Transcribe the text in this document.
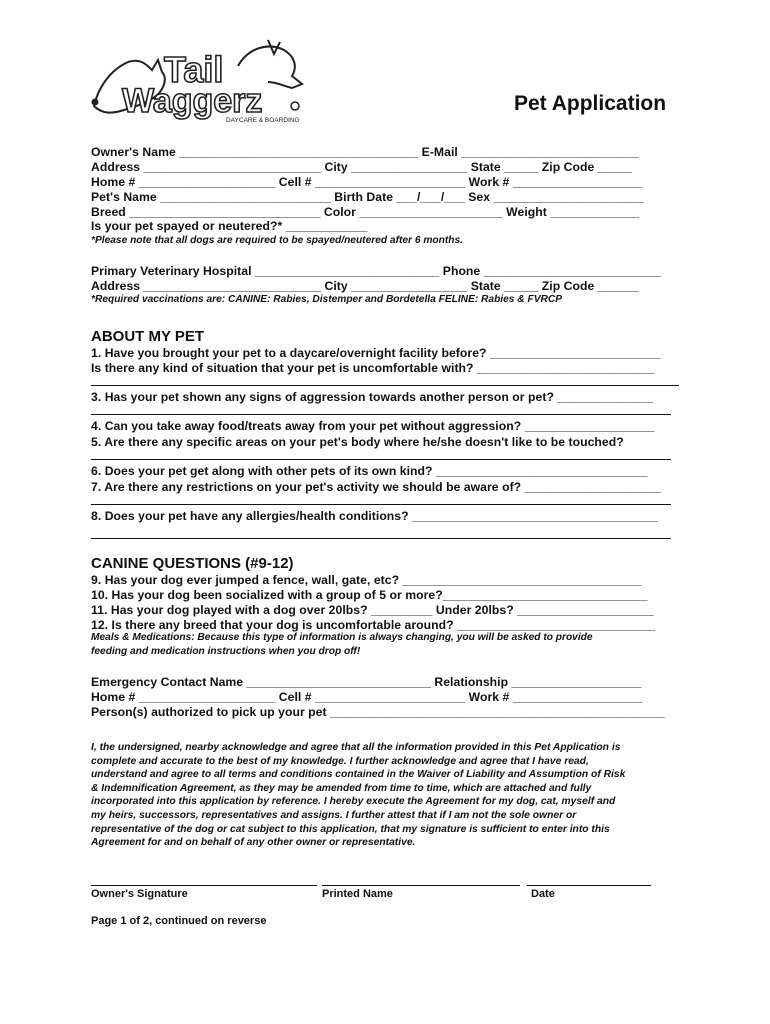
Tail
Waggerz
DAYCARE & BOARDING
Pet Application
Owner's Name ___________________________________ E-Mail __________________________
Address __________________________ City _________________ State _____ Zip Code _____
Home # ____________________ Cell # ______________________ Work # ___________________
Pet's Name _________________________ Birth Date ___/___/___ Sex ______________________
Breed ____________________________ Color _____________________ Weight _____________
Is your pet spayed or neutered?* ____________
*Please note that all dogs are required to be spayed/neutered after 6 months.
Primary Veterinary Hospital ___________________________ Phone __________________________
Address __________________________ City _________________ State _____ Zip Code ______
*Required vaccinations are: CANINE: Rabies, Distemper and Bordetella FELINE: Rabies & FVRCP
ABOUT MY PET
1. Have you brought your pet to a daycare/overnight facility before? _________________________
Is there any kind of situation that your pet is uncomfortable with? __________________________
3. Has your pet shown any signs of aggression towards another person or pet? ______________
4. Can you take away food/treats away from your pet without aggression? ___________________
5. Are there any specific areas on your pet's body where he/she doesn't like to be touched?
6. Does your pet get along with other pets of its own kind? _______________________________
7. Are there any restrictions on your pet's activity we should be aware of? ____________________
8. Does your pet have any allergies/health conditions? ____________________________________
CANINE QUESTIONS (#9-12)
9. Has your dog ever jumped a fence, wall, gate, etc? ___________________________________
10. Has your dog been socialized with a group of 5 or more?______________________________
11. Has your dog played with a dog over 20lbs? _________ Under 20lbs? ____________________
12. Is there any breed that your dog is uncomfortable around? _____________________________
Meals & Medications: Because this type of information is always changing, you will be asked to provide
feeding and medication instructions when you drop off!
Emergency Contact Name ___________________________ Relationship ___________________
Home # ____________________ Cell # ______________________ Work # ___________________
Person(s) authorized to pick up your pet _________________________________________________
I, the undersigned, nearby acknowledge and agree that all the information provided in this Pet Application is
complete and accurate to the best of my knowledge. I further acknowledge and agree that I have read,
understand and agree to all terms and conditions contained in the Waiver of Liability and Assumption of Risk
& Indemnification Agreement, as they may be amended from time to time, which are attached and fully
incorporated into this application by reference. I hereby execute the Agreement for my dog, cat, myself and
my heirs, successors, representatives and assigns. I further attest that if I am not the sole owner or
representative of the dog or cat subject to this application, that my signature is sufficient to enter into this
Agreement for and on behalf of any other owner or representative.
Owner's Signature	Printed Name	Date
Page 1 of 2, continued on reverse
